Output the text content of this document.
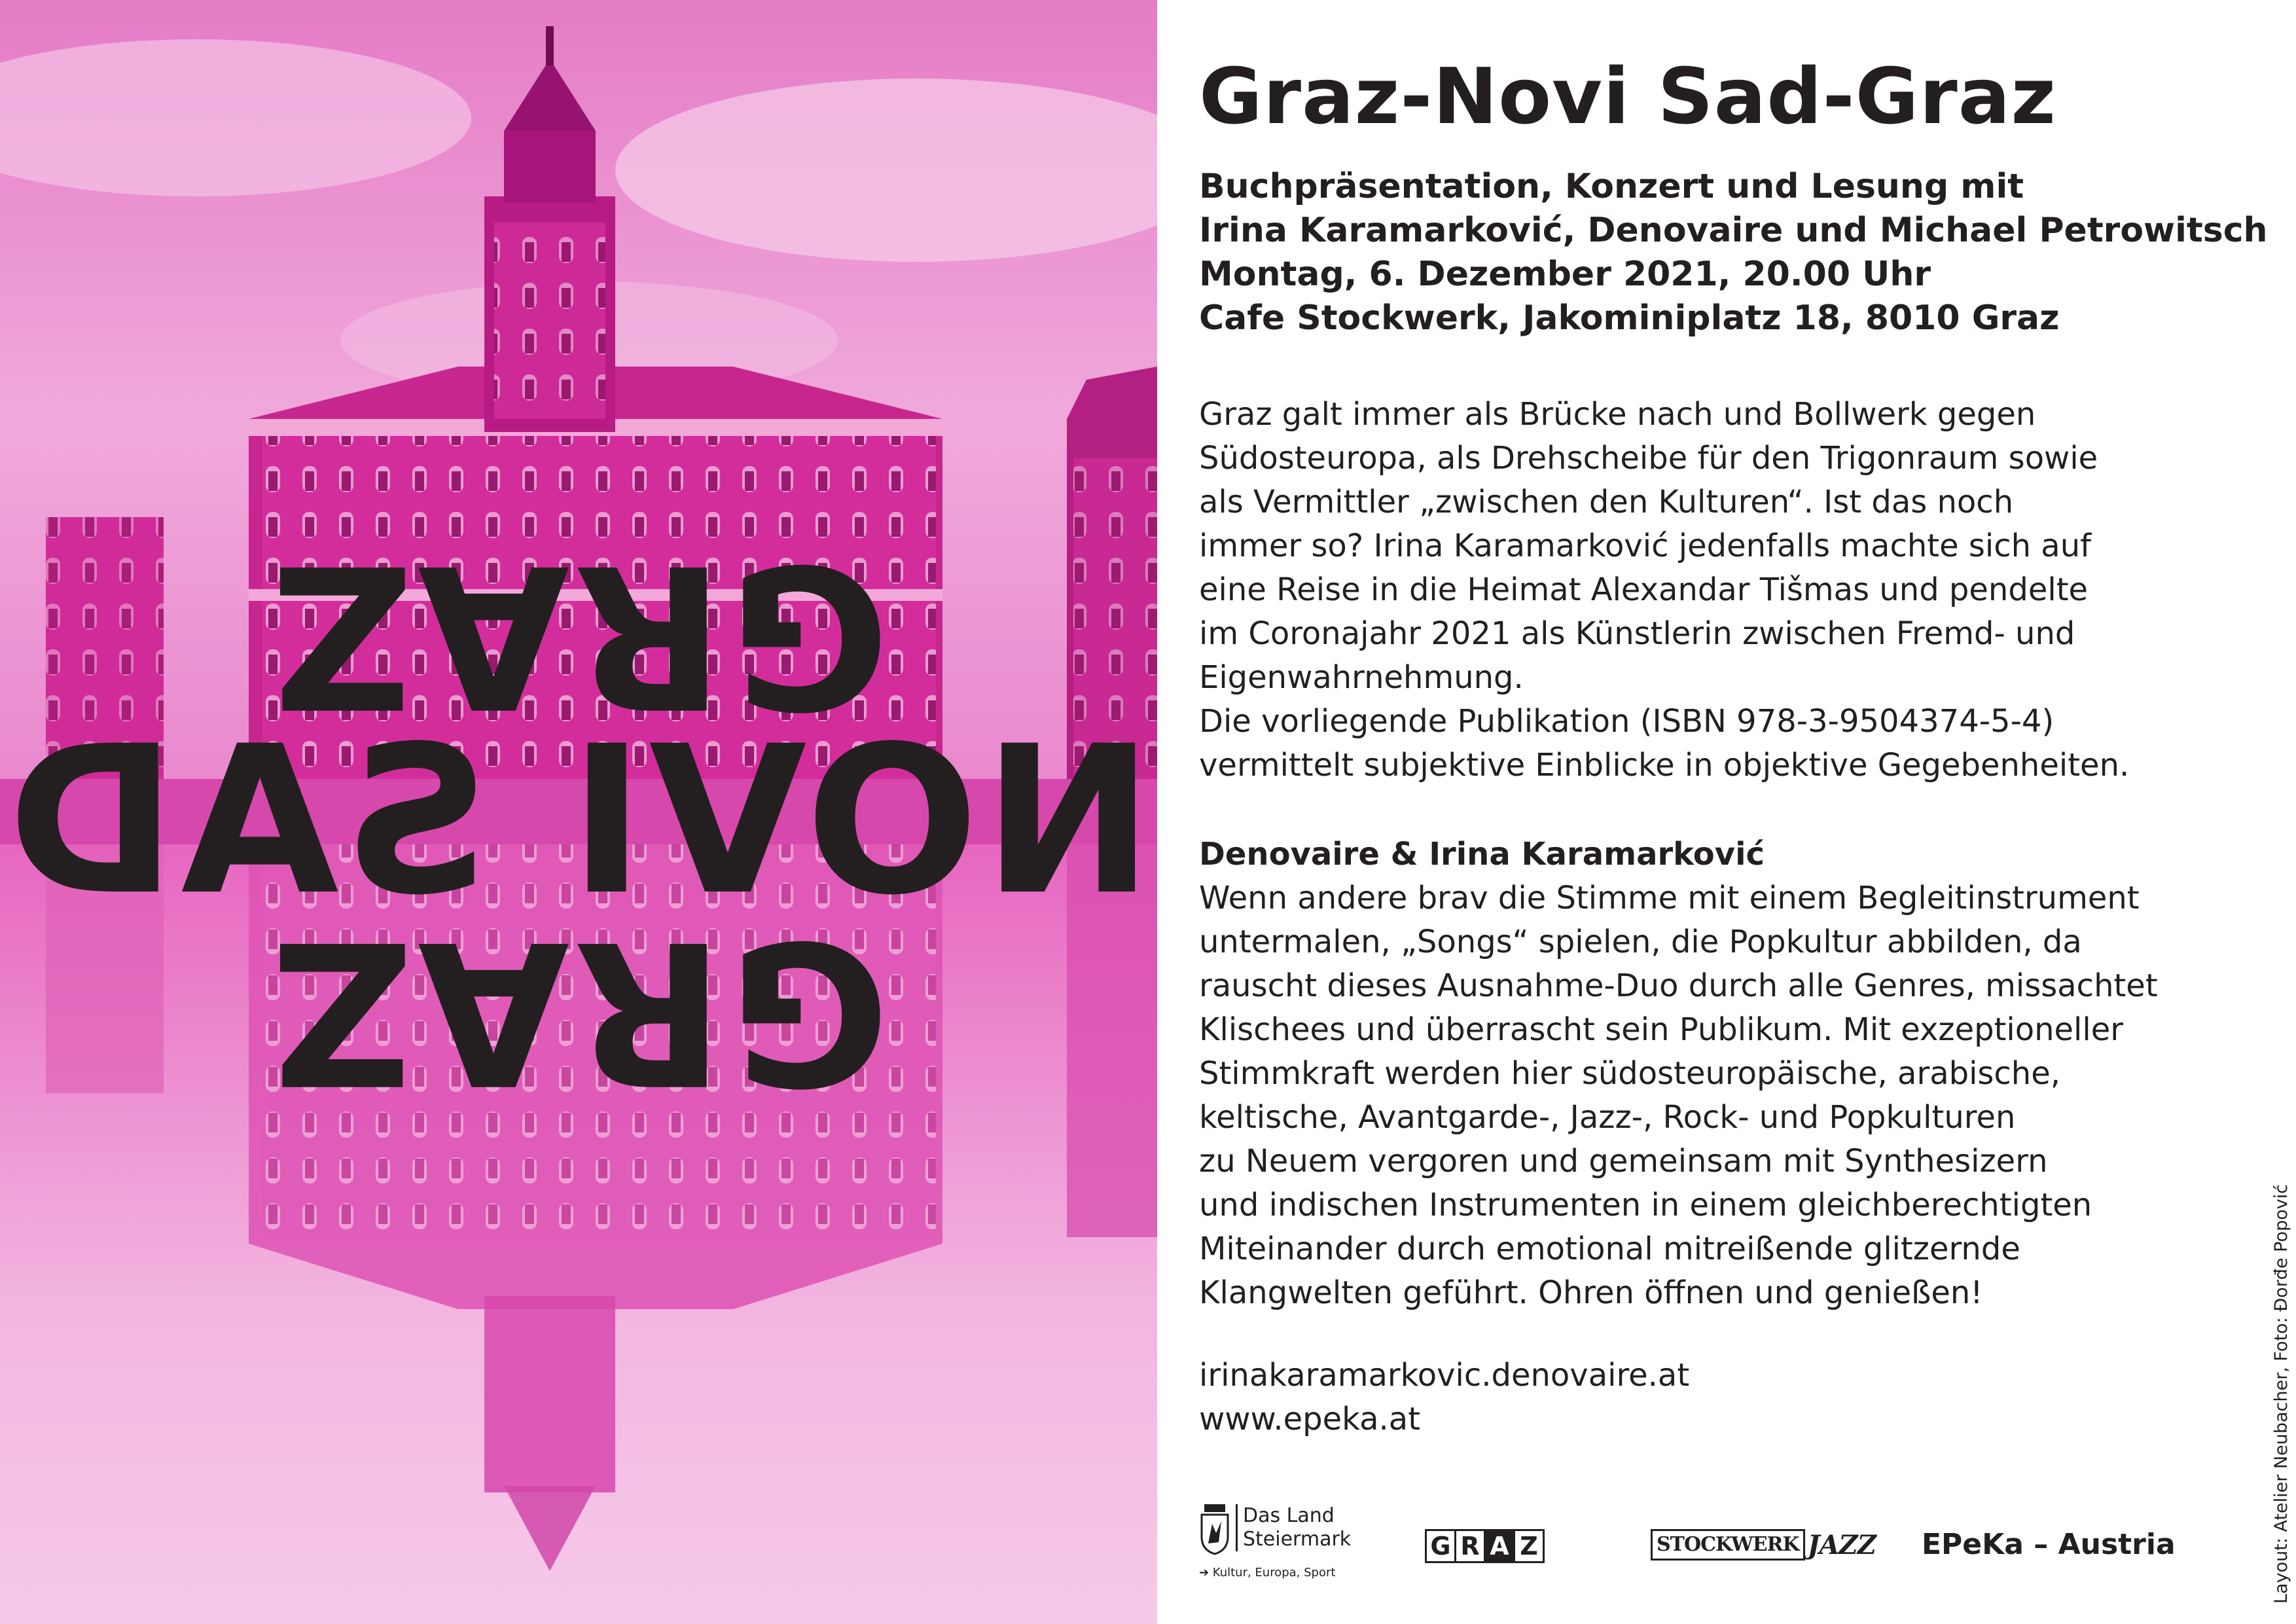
GRAZ
NOVI SAD
GRAZ
Graz-Novi Sad-Graz
Buchpräsentation, Konzert und Lesung mit
Irina Karamarković, Denovaire und Michael Petrowitsch
Montag, 6. Dezember 2021, 20.00 Uhr
Cafe Stockwerk, Jakominiplatz 18, 8010 Graz
Graz galt immer als Brücke nach und Bollwerk gegen
Südosteuropa, als Drehscheibe für den Trigonraum sowie
als Vermittler „zwischen den Kulturen“. Ist das noch
immer so? Irina Karamarković jedenfalls machte sich auf
eine Reise in die Heimat Alexandar Tišmas und pendelte
im Coronajahr 2021 als Künstlerin zwischen Fremd- und
Eigenwahrnehmung.
Die vorliegende Publikation (ISBN 978-3-9504374-5-4)
vermittelt subjektive Einblicke in objektive Gegebenheiten.
Denovaire & Irina Karamarković
Wenn andere brav die Stimme mit einem Begleitinstrument
untermalen, „Songs“ spielen, die Popkultur abbilden, da
rauscht dieses Ausnahme-Duo durch alle Genres, missachtet
Klischees und überrascht sein Publikum. Mit exzeptioneller
Stimmkraft werden hier südosteuropäische, arabische,
keltische, Avantgarde-, Jazz-, Rock- und Popkulturen
zu Neuem vergoren und gemeinsam mit Synthesizern
und indischen Instrumenten in einem gleichberechtigten
Miteinander durch emotional mitreißende glitzernde
Klangwelten geführt. Ohren öffnen und genießen!
irinakaramarkovic.denovaire.at
www.epeka.at	Layout: Atelier Neubacher, Foto: Đorđe Popović
Das Land
Steiermark
➔ Kultur, Europa, Sport
G R A Z	STOCKWERK JAZZ EPeKa – Austria
